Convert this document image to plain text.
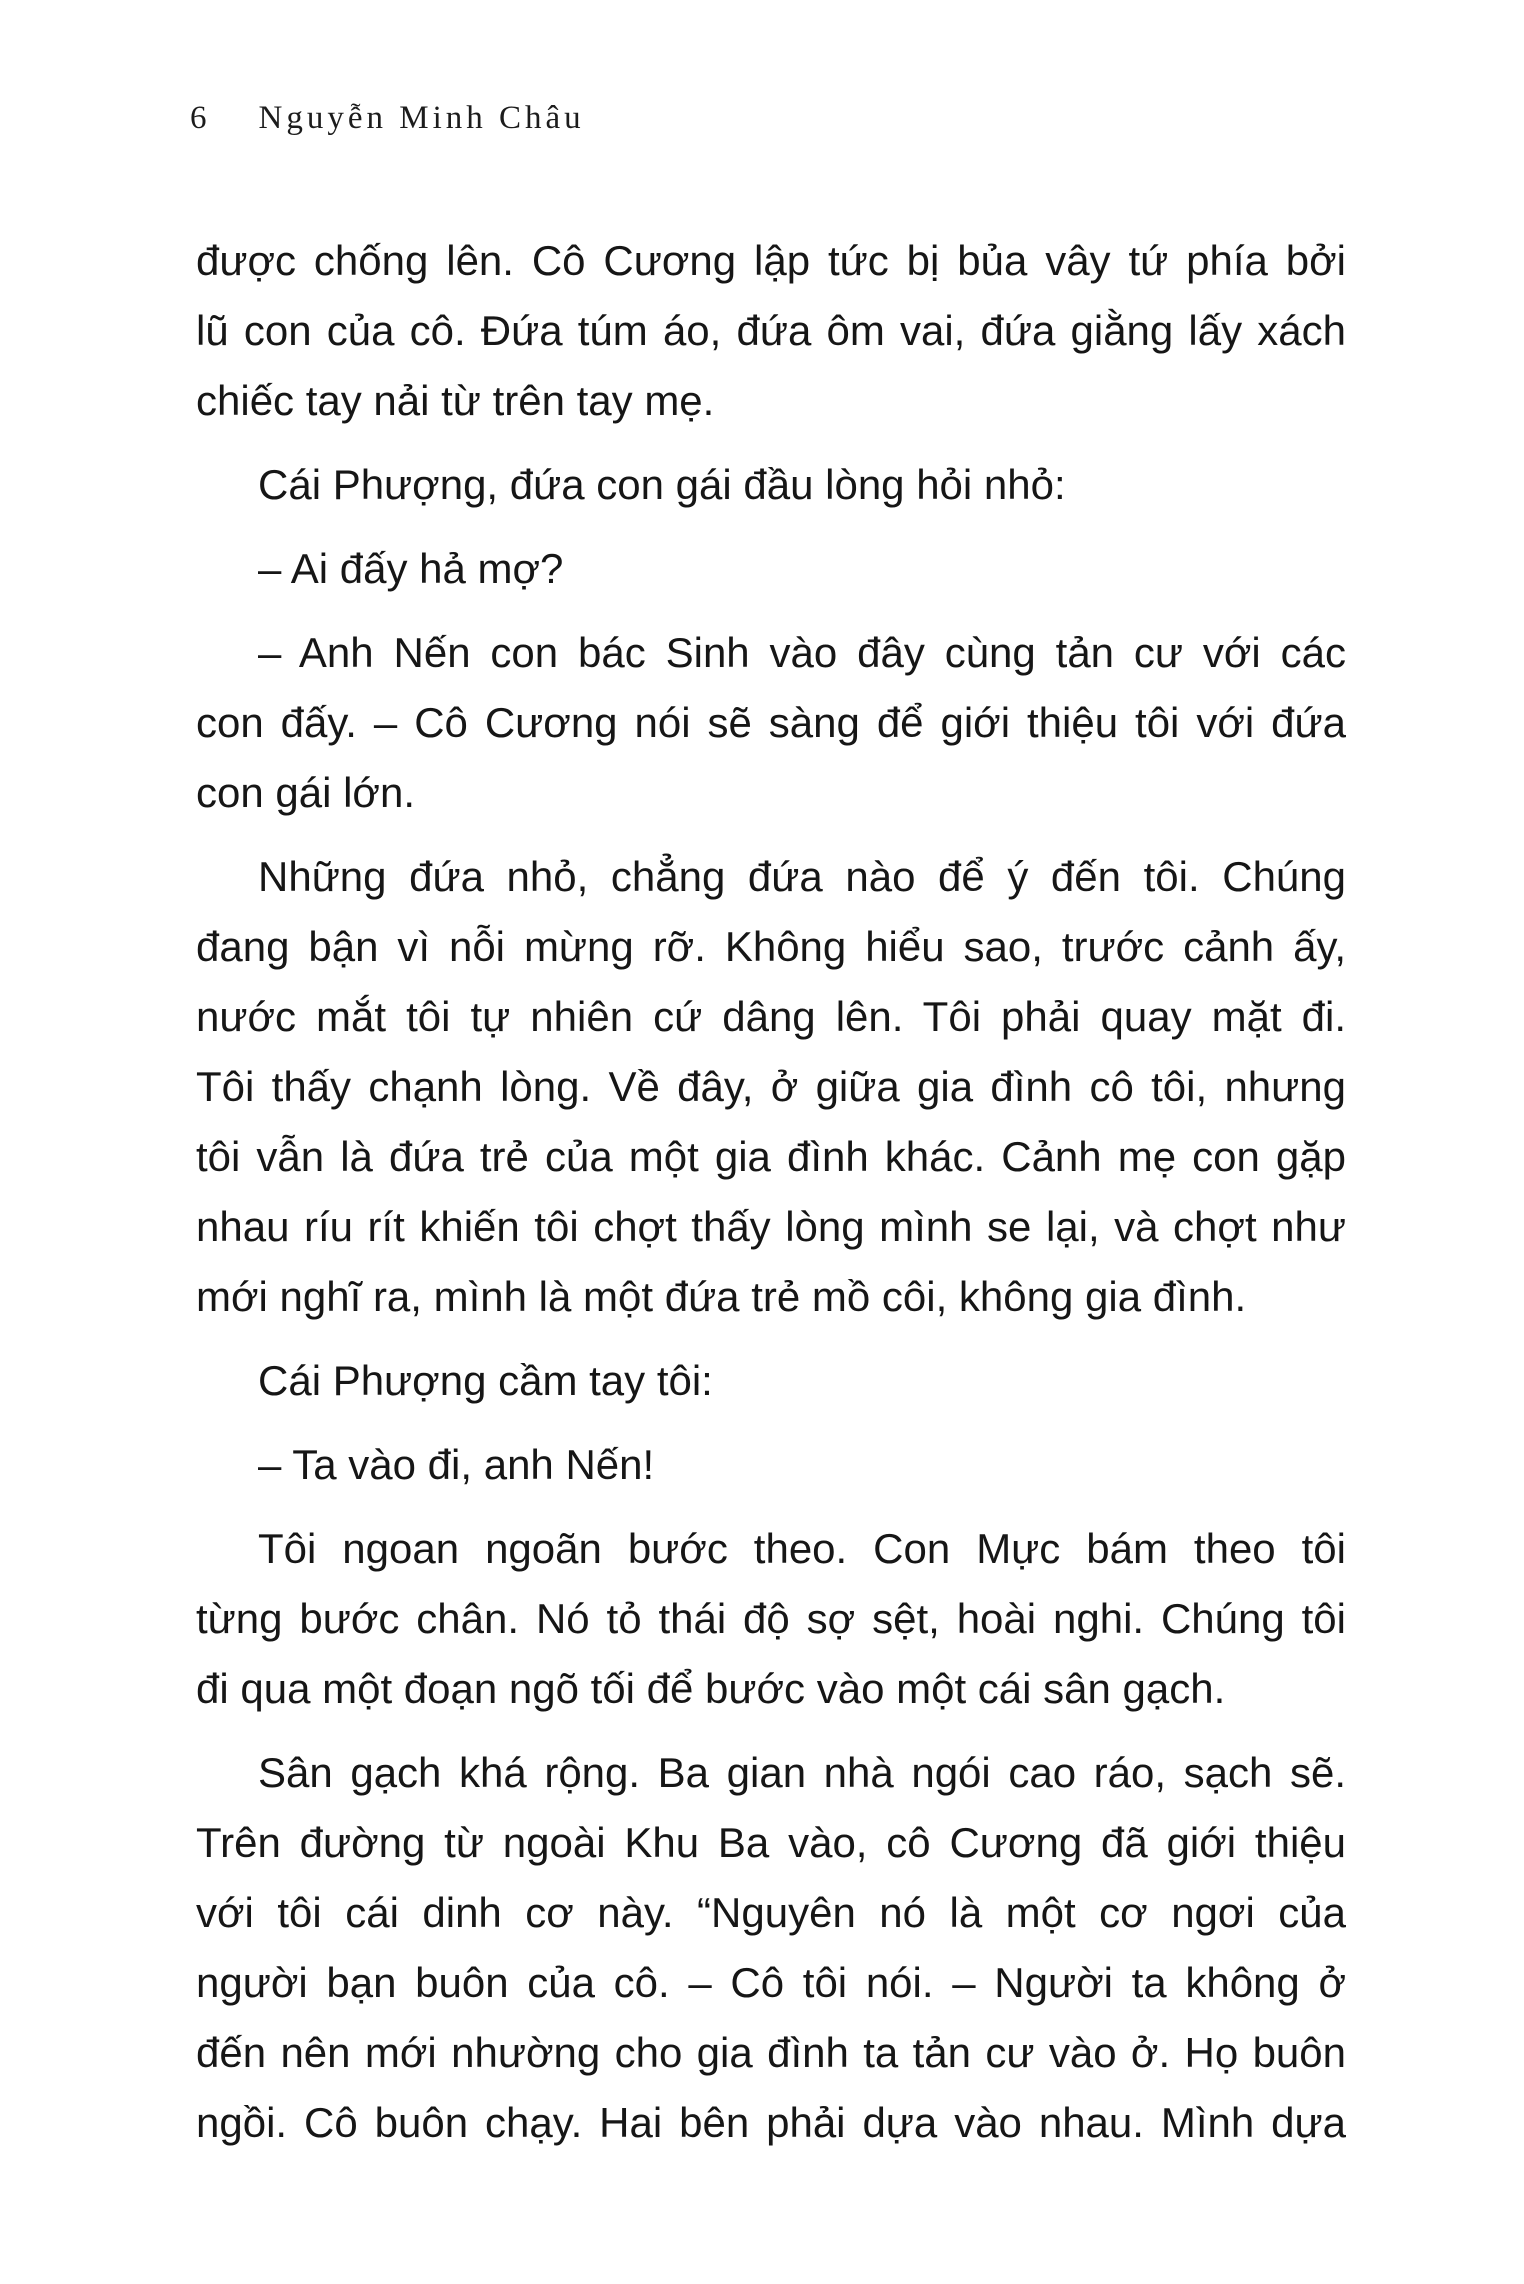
6 Nguyễn Minh Châu
được chống lên. Cô Cương lập tức bị bủa vây tứ phía bởi
lũ con của cô. Đứa túm áo, đứa ôm vai, đứa giằng lấy xách
chiếc tay nải từ trên tay mẹ.
Cái Phượng, đứa con gái đầu lòng hỏi nhỏ:
– Ai đấy hả mợ?
– Anh Nến con bác Sinh vào đây cùng tản cư với các
con đấy. – Cô Cương nói sẽ sàng để giới thiệu tôi với đứa
con gái lớn.
Những đứa nhỏ, chẳng đứa nào để ý đến tôi. Chúng
đang bận vì nỗi mừng rỡ. Không hiểu sao, trước cảnh ấy,
nước mắt tôi tự nhiên cứ dâng lên. Tôi phải quay mặt đi.
Tôi thấy chạnh lòng. Về đây, ở giữa gia đình cô tôi, nhưng
tôi vẫn là đứa trẻ của một gia đình khác. Cảnh mẹ con gặp
nhau ríu rít khiến tôi chợt thấy lòng mình se lại, và chợt như
mới nghĩ ra, mình là một đứa trẻ mồ côi, không gia đình.
Cái Phượng cầm tay tôi:
– Ta vào đi, anh Nến!
Tôi ngoan ngoãn bước theo. Con Mực bám theo tôi
từng bước chân. Nó tỏ thái độ sợ sệt, hoài nghi. Chúng tôi
đi qua một đoạn ngõ tối để bước vào một cái sân gạch.
Sân gạch khá rộng. Ba gian nhà ngói cao ráo, sạch sẽ.
Trên đường từ ngoài Khu Ba vào, cô Cương đã giới thiệu
với tôi cái dinh cơ này. “Nguyên nó là một cơ ngơi của
người bạn buôn của cô. – Cô tôi nói. – Người ta không ở
đến nên mới nhường cho gia đình ta tản cư vào ở. Họ buôn
ngồi. Cô buôn chạy. Hai bên phải dựa vào nhau. Mình dựa
